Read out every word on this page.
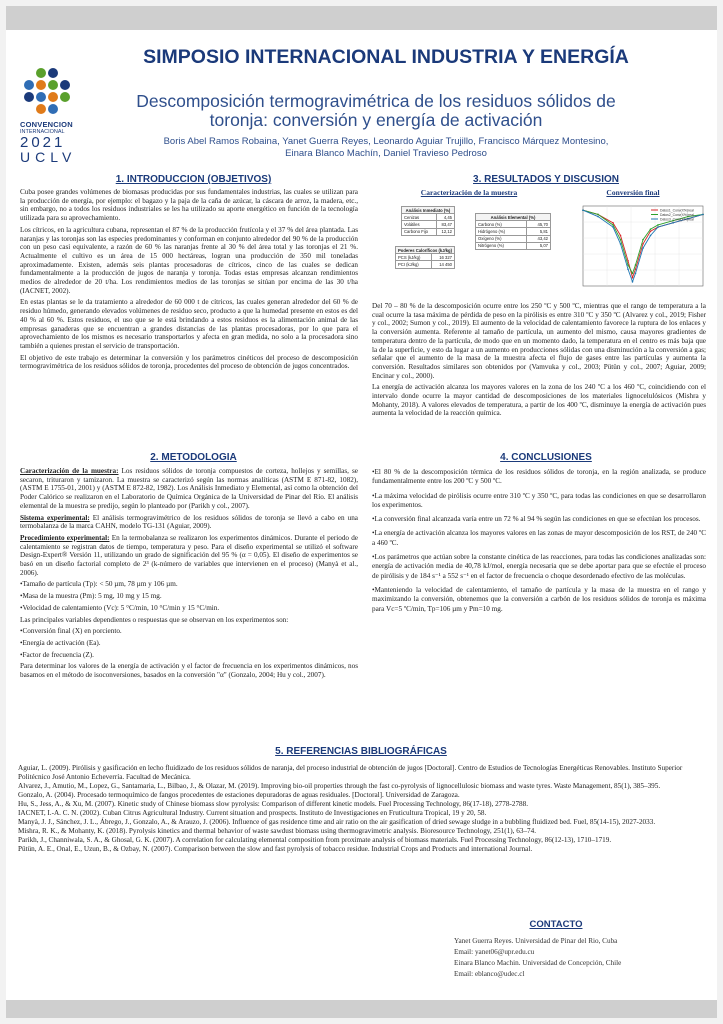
CONVENCION
INTERNACIONAL
2021
UCLV
SIMPOSIO INTERNACIONAL INDUSTRIA Y ENERGÍA
Descomposición termogravimétrica de los residuos sólidos de
toronja: conversión y energía de activación
Boris Abel Ramos Robaina, Yanet Guerra Reyes, Leonardo Aguiar Trujillo, Francisco Márquez Montesino,
Einara Blanco Machín, Daniel Travieso Pedroso
1. INTRODUCCION (OBJETIVOS)

Cuba posee grandes volúmenes de biomasas producidas por sus fundamentales industrias, las cuales se utilizan para la producción de energía, por ejemplo: el bagazo y la paja de la caña de azúcar, la cáscara de arroz, la madera, etc., sin embargo, no a todos los residuos industriales se les ha utilizado su aporte energético en función de la tecnología utilizada para su aprovechamiento.

Los cítricos, en la agricultura cubana, representan el 87 % de la producción frutícola y el 37 % del área plantada. Las naranjas y las toronjas son las especies predominantes y conforman en conjunto alrededor del 90 % de la producción con un peso casi equivalente, a razón de 60 % las naranjas frente al 30 % del área total y las toronjas el 21 %. Actualmente el cultivo es un área de 15 000 hectáreas, logran una producción de 350 mil toneladas aproximadamente. Existen, además seis plantas procesadoras de cítricos, cinco de las cuales se dedican fundamentalmente a la producción de jugos de naranja y toronja. Todas estas empresas alcanzan rendimientos medios de alrededor de 20 t/ha. Los rendimientos medios de las toronjas se sitúan por encima de las 30 t/ha (IACNET, 2002).

En estas plantas se le da tratamiento a alrededor de 60 000 t de cítricos, las cuales generan alrededor del 60 % de residuo húmedo, generando elevados volúmenes de residuo seco, producto a que la humedad presente en estos es del 40 % al 60 %. Estos residuos, el uso que se le está brindando a estos residuos es la alimentación animal de las empresas ganaderas que se encuentran a grandes distancias de las plantas procesadoras, por lo que para el aprovechamiento de los mismos es necesario transportarlos y afecta en gran medida, no solo a la procesadora sino también a quienes prestan el servicio de transportación.

El objetivo de este trabajo es determinar la conversión y los parámetros cinéticos del proceso de descomposición termogravimétrica de los residuos sólidos de toronja, procedentes del proceso de obtención de jugos concentrados.

2. METODOLOGIA

Caracterización de la muestra: Los residuos sólidos de toronja compuestos de corteza, hollejos y semillas, se secaron, trituraron y tamizaron. La muestra se caracterizó según las normas analíticas (ASTM E 871-82, 1082), (ASTM E 1755-01, 2001) y (ASTM E 872-82, 1982). Los Análisis Inmediato y Elemental, así como la obtención del Poder Calórico se realizaron en el Laboratorio de Química Orgánica de la Universidad de Pinar del Río. El análisis elemental de la muestra se predijo, según lo planteado por (Parikh y col., 2007).

Sistema experimental: El análisis termogravimétrico de los residuos sólidos de toronja se llevó a cabo en una termobalanza de la marca CAHN, modelo TG-131 (Aguiar, 2009).

Procedimiento experimental: En la termobalanza se realizaron los experimentos dinámicos. Durante el periodo de calentamiento se registran datos de tiempo, temperatura y peso. Para el diseño experimental se utilizó el software Design-Expert® Versión 11, utilizando un grado de significación del 95 % (α = 0,05). El diseño de experimentos se basó en un diseño factorial completo de 2³ (k-número de variables que intervienen en el proceso) (Manyà et al., 2006).

•Tamaño de partícula (Tp): < 50 µm, 78 µm y 106 µm.

•Masa de la muestra (Pm): 5 mg, 10 mg y 15 mg.

•Velocidad de calentamiento (Vc): 5 °C/min, 10 °C/min y 15 °C/min.

Las principales variables dependientes o respuestas que se observan en los experimentos son:

•Conversión final (X) en porciento.

•Energía de activación (Ea).

•Factor de frecuencia (Z).

Para determinar los valores de la energía de activación y el factor de frecuencia en los experimentos dinámicos, nos basamos en el método de isoconversiones, basados en la conversión "α" (Gonzalo, 2004; Hu y col., 2007).

3. RESULTADOS Y DISCUSION
Caracterización de la muestra	Conversión final
Análisis Inmediato (%)	
Cenizas	4,45
Volátiles	83,47
Carbono Fijo	12,12
Análisis Elemental (%)	
Carbono (%)	45,70
Hidrógeno (%)	5,81
Oxígeno (%)	43,42
Nitrógeno (%)	5,07
Poderes Caloríficos (kJ/kg)	
PCS (kJ/kg)	16 327
PCI (kJ/kg)	14 450
Datos1_Conv(X%)real
Datos2_Conv(X%)real
Datos3_Conv(X%)real

Del 70 – 80 % de la descomposición ocurre entre los 250 ºC y 500 ºC, mientras que el rango de temperatura a la cual ocurre la tasa máxima de pérdida de peso en la pirólisis es entre 310 ºC y 350 ºC (Alvarez y col., 2019; Fisher y col., 2002; Sumon y col., 2019). El aumento de la velocidad de calentamiento favorece la ruptura de los enlaces y la conversión aumenta. Referente al tamaño de partícula, un aumento del mismo, causa mayores gradientes de temperatura dentro de la partícula, de modo que en un momento dado, la temperatura en el centro es más baja que la de la superficie, y esto da lugar a un aumento en producciones sólidas con una disminución a la conversión a gas; señalar que el aumento de la masa de la muestra afecta el flujo de gases entre las partículas y aumenta la conversión. Resultados similares son obtenidos por (Vamvuka y col., 2003; Pütün y col., 2007; Aguiar, 2009; Encinar y col., 2000).

La energía de activación alcanza los mayores valores en la zona de los 240 ºC a los 460 ºC, coincidiendo con el intervalo donde ocurre la mayor cantidad de descomposiciones de los materiales lignocelulósicos (Mishra y Mohanty, 2018). A valores elevados de temperatura, a partir de los 400 ºC, disminuye la energía de activación pues aumenta la velocidad de la reacción química.

4. CONCLUSIONES

•El 80 % de la descomposición térmica de los residuos sólidos de toronja, en la región analizada, se produce fundamentalmente entre los 200 ºC y 500 ºC.

•La máxima velocidad de pirólisis ocurre entre 310 ºC y 350 ºC, para todas las condiciones en que se desarrollaron los experimentos.

•La conversión final alcanzada varía entre un 72 % al 94 % según las condiciones en que se efectúan los procesos.

•La energía de activación alcanza los mayores valores en las zonas de mayor descomposición de los RST, de 240 ºC a 460 ºC.

•Los parámetros que actúan sobre la constante cinética de las reacciones, para todas las condiciones analizadas son: energía de activación media de 40,78 kJ/mol, energía necesaria que se debe aportar para que se efectúe el proceso de pirólisis y de 184 s⁻¹ a 552 s⁻¹ en el factor de frecuencia o choque desordenado efectivo de las moléculas.

•Manteniendo la velocidad de calentamiento, el tamaño de partícula y la masa de la muestra en el rango y maximizando la conversión, obtenemos que la conversión a carbón de los residuos sólidos de toronja es máxima para Vc=5 ºC/min, Tp=106 µm y Pm=10 mg.

5. REFERENCIAS BIBLIOGRÁFICAS

Aguiar, L. (2009). Pirólisis y gasificación en lecho fluidizado de los residuos sólidos de naranja, del proceso industrial de obtención de jugos [Doctoral]. Centro de Estudios de Tecnologías Energéticas Renovables. Instituto Superior Politécnico José Antonio Echeverría. Facultad de Mecánica.

Alvarez, J., Amutio, M., Lopez, G., Santamaria, L., Bilbao, J., & Olazar, M. (2019). Improving bio-oil properties through the fast co-pyrolysis of lignocellulosic biomass and waste tyres. Waste Management, 85(1), 385–395.

Gonzalo, A. (2004). Procesado termoquímico de fangos procedentes de estaciones depuradoras de aguas residuales. [Doctoral]. Universidad de Zaragoza.

Hu, S., Jess, A., & Xu, M. (2007). Kinetic study of Chinese biomass slow pyrolysis: Comparison of different kinetic models. Fuel Processing Technology, 86(17-18), 2778-2788.

IACNET, I.-A. C. N. (2002). Cuban Citrus Agricultural Industry. Current situation and prospects. Instituto de Investigaciones en Fruticultura Tropical, 19 y 20, 58.

Manyà, J. J., Sánchez, J. L., Ábrego, J., Gonzalo, A., & Arauzo, J. (2006). Influence of gas residence time and air ratio on the air gasification of dried sewage sludge in a bubbling fluidized bed. Fuel, 85(14-15), 2027-2033.

Mishra, R. K., & Mohanty, K. (2018). Pyrolysis kinetics and thermal behavior of waste sawdust biomass using thermogravimetric analysis. Bioresource Technology, 251(1), 63–74.

Parikh, J., Channiwala, S. A., & Ghosal, G. K. (2007). A correlation for calculating elemental composition from proximate analysis of biomass materials. Fuel Processing Technology, 86(12-13), 1710–1719.

Pütün, A. E., Onal, E., Uzun, B., & Ozbay, N. (2007). Comparison between the slow and fast pyrolysis of tobacco residue. Industrial Crops and Products and international Journal.

CONTACTO
Yanet Guerra Reyes. Universidad de Pinar del Rio, Cuba
Email: yanet06@upr.edu.cu
Einara Blanco Machin. Universidad de Concepción, Chile
Email: eblanco@udec.cl
